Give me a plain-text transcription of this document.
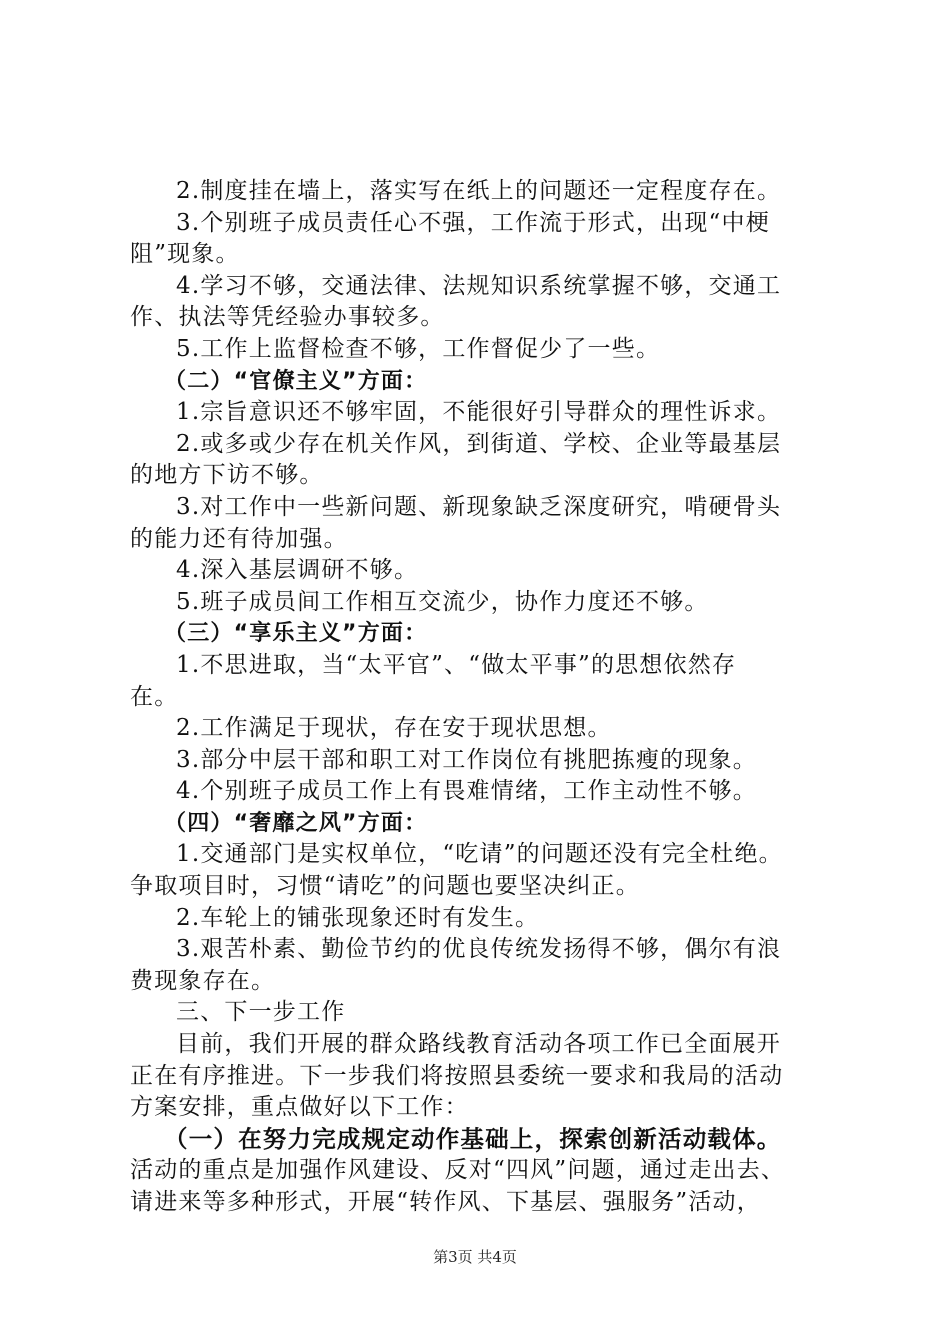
2.制度挂在墙上，落实写在纸上的问题还一定程度存在。

3.个别班子成员责任心不强，工作流于形式，出现“中梗

阻”现象。

4.学习不够，交通法律、法规知识系统掌握不够，交通工

作、执法等凭经验办事较多。

5.工作上监督检查不够，工作督促少了一些。

（二）“官僚主义”方面：

1.宗旨意识还不够牢固，不能很好引导群众的理性诉求。

2.或多或少存在机关作风，到街道、学校、企业等最基层

的地方下访不够。

3.对工作中一些新问题、新现象缺乏深度研究，啃硬骨头

的能力还有待加强。

4.深入基层调研不够。

5.班子成员间工作相互交流少，协作力度还不够。

（三）“享乐主义”方面：

1.不思进取，当“太平官”、“做太平事”的思想依然存

在。

2.工作满足于现状，存在安于现状思想。

3.部分中层干部和职工对工作岗位有挑肥拣瘦的现象。

4.个别班子成员工作上有畏难情绪，工作主动性不够。

（四）“奢靡之风”方面：

1.交通部门是实权单位，“吃请”的问题还没有完全杜绝。

争取项目时，习惯“请吃”的问题也要坚决纠正。

2.车轮上的铺张现象还时有发生。

3.艰苦朴素、勤俭节约的优良传统发扬得不够，偶尔有浪

费现象存在。

三、下一步工作

目前，我们开展的群众路线教育活动各项工作已全面展开

正在有序推进。下一步我们将按照县委统一要求和我局的活动

方案安排，重点做好以下工作：

（一）在努力完成规定动作基础上，探索创新活动载体。

活动的重点是加强作风建设、反对“四风”问题，通过走出去、

请进来等多种形式，开展“转作风、下基层、强服务”活动，

第3页 共4页
